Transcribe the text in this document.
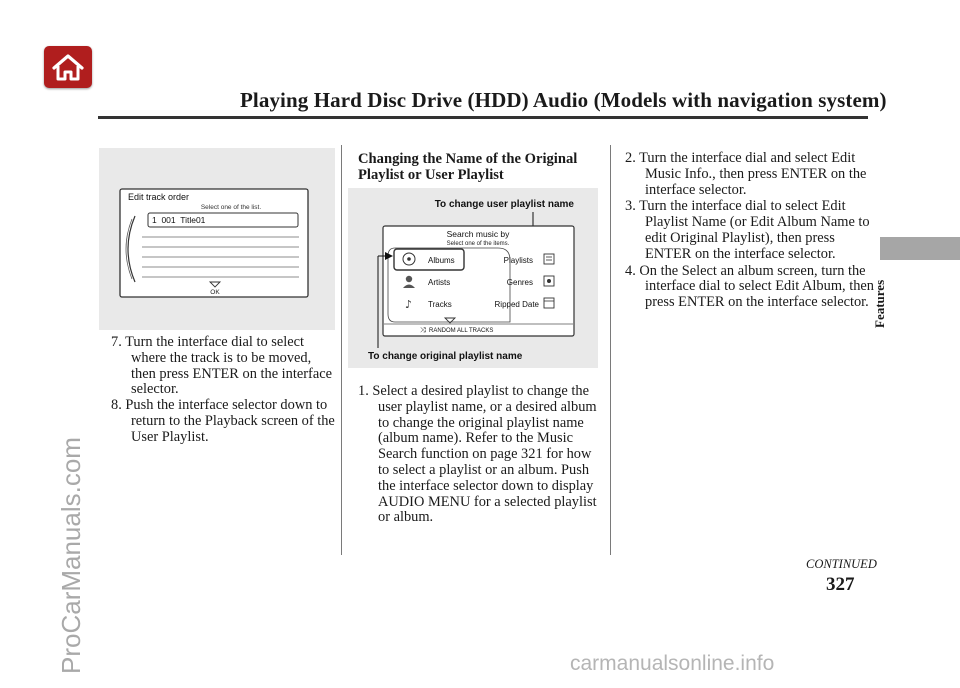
Playing Hard Disc Drive (HDD) Audio (Models with navigation system)
ProCarManuals.com	carmanualsonline.info
Features
Edit track order
Select one of the list.
1  001  Title01
OK
7. Turn the interface dial to select where the track is to be moved, then press ENTER on the interface selector.
8. Push the interface selector down to return to the Playback screen of the User Playlist.
Changing the Name of the Original Playlist or User Playlist
To change user playlist name
Search music by
Select one of the items.
♪
Albums
Artists
Tracks
Playlists
Genres
Ripped Date
⤨ RANDOM ALL TRACKS
To change original playlist name
1. Select a desired playlist to change the user playlist name, or a desired album to change the original playlist name (album name). Refer to the Music Search function on page 321 for how to select a playlist or an album. Push the interface selector down to display AUDIO MENU for a selected playlist or album.
2. Turn the interface dial and select Edit Music Info., then press ENTER on the interface selector.
3. Turn the interface dial to select Edit Playlist Name (or Edit Album Name to edit Original Playlist), then press ENTER on the interface selector.
4. On the Select an album screen, turn the interface dial to select Edit Album, then press ENTER on the interface selector.
CONTINUED
327
